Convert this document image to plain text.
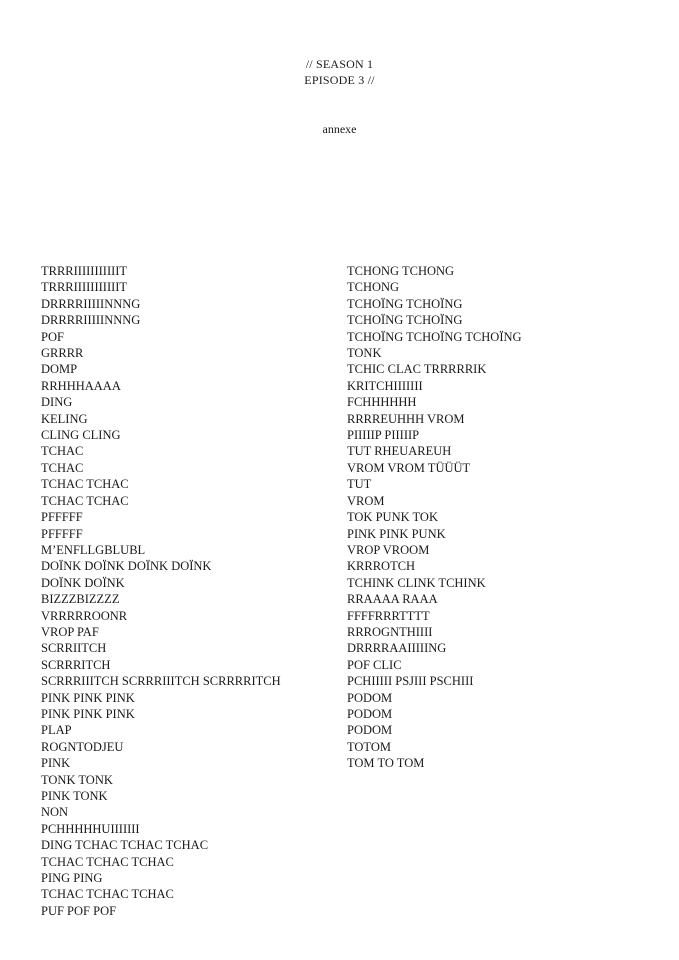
// SEASON 1
EPISODE 3 //
annexe
TRRRIIIIIIIIIIIT
TRRRIIIIIIIIIIIT
DRRRRIIIIINNNG
DRRRRIIIIINNNG
POF
GRRRR
DOMP
RRHHHAAAA
DING
KELING
CLING CLING
TCHAC
TCHAC
TCHAC TCHAC
TCHAC TCHAC
PFFFFF
PFFFFF
M’ENFLLGBLUBL
DOÏNK DOÏNK DOÏNK DOÏNK
DOÏNK DOÏNK
BIZZZBIZZZZ
VRRRRROONR
VROP PAF
SCRRIITCH
SCRRRITCH
SCRRRIIITCH SCRRRIIITCH SCRRRRITCH
PINK PINK PINK
PINK PINK PINK
PLAP
ROGNTODJEU
PINK
TONK TONK
PINK TONK
NON
PCHHHHHUIIIIIII
DING TCHAC TCHAC TCHAC
TCHAC TCHAC TCHAC
PING PING
TCHAC TCHAC TCHAC
PUF POF POF
TCHONG TCHONG
TCHONG
TCHOÏNG TCHOÏNG
TCHOÏNG TCHOÏNG
TCHOÏNG TCHOÏNG TCHOÏNG
TONK
TCHIC CLAC TRRRRRIK
KRITCHIIIIIII
FCHHHHHH
RRRREUHHH VROM
PIIIIIP PIIIIIP
TUT RHEUAREUH
VROM VROM TÜÜÜT
TUT
VROM
TOK PUNK TOK
PINK PINK PUNK
VROP VROOM
KRRROTCH
TCHINK CLINK TCHINK
RRAAAA RAAA
FFFFRRRTTTT
RRROGNTHIIII
DRRRRAAIIIIING
POF CLIC
PCHIIIII PSJIII PSCHIII
PODOM
PODOM
PODOM
TOTOM
TOM TO TOM
